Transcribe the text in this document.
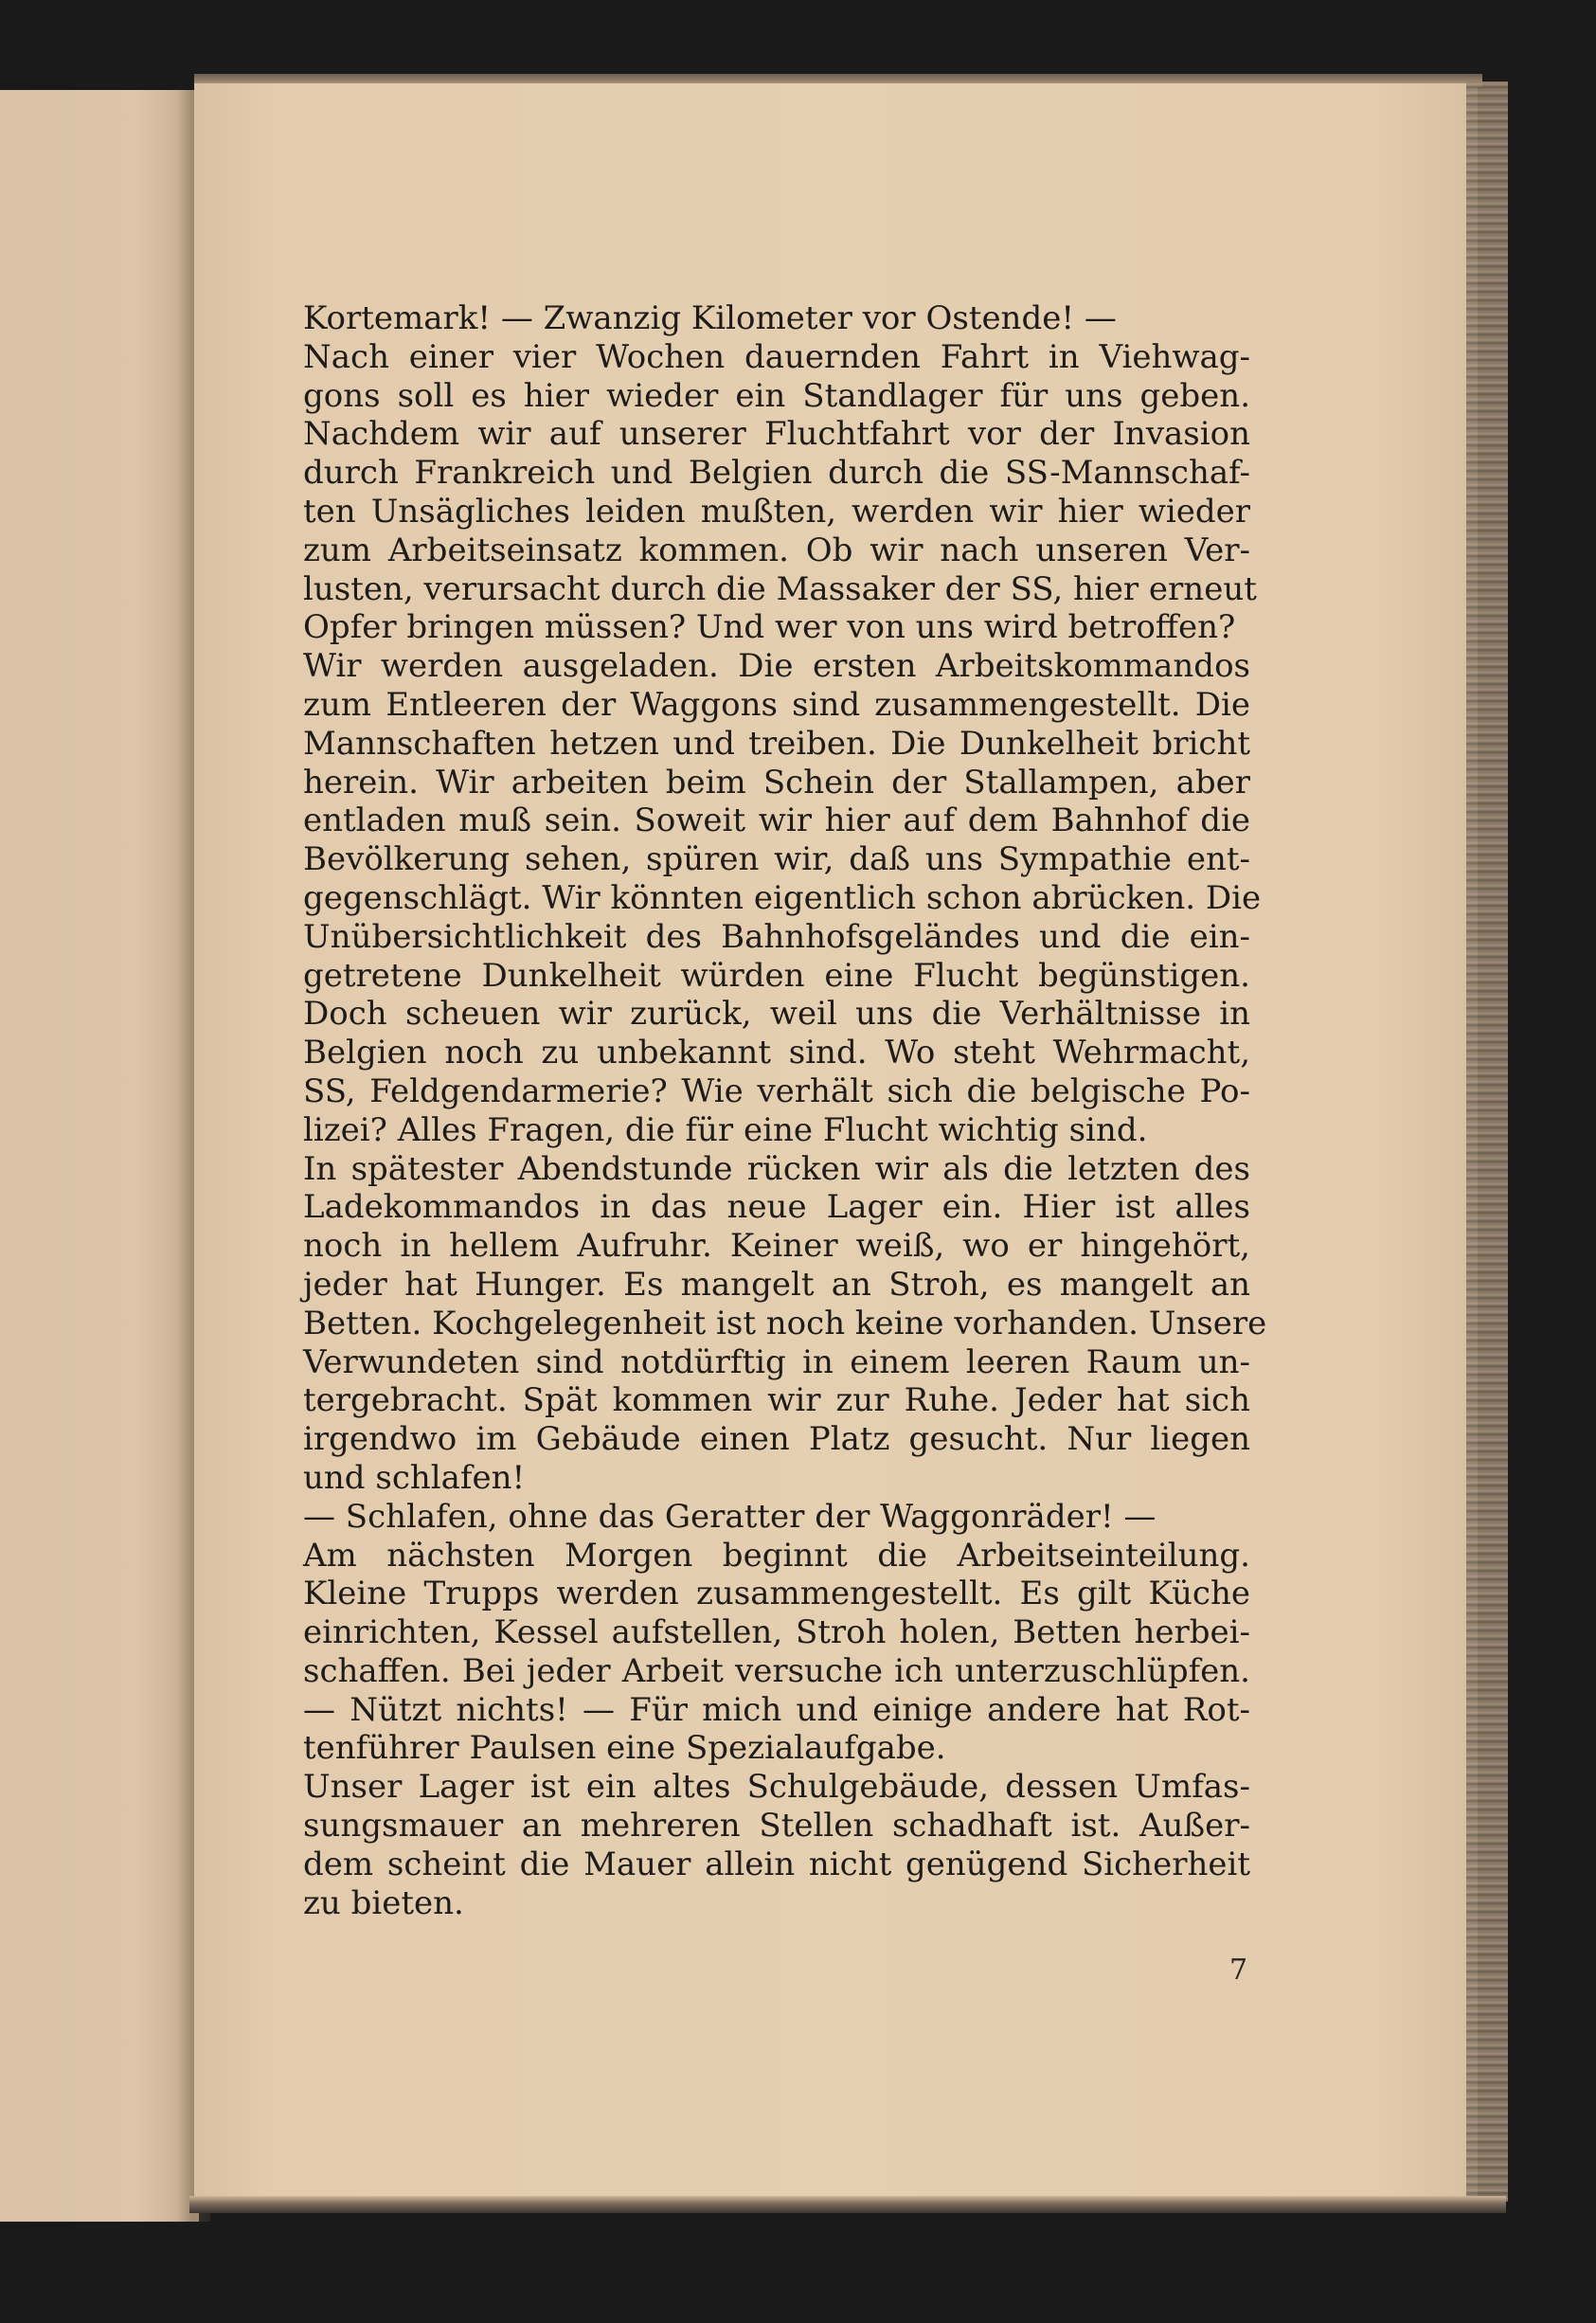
Kortemark! — Zwanzig Kilometer vor Ostende! —
Nach einer vier Wochen dauernden Fahrt in Viehwag-
gons soll es hier wieder ein Standlager für uns geben.
Nachdem wir auf unserer Fluchtfahrt vor der Invasion
durch Frankreich und Belgien durch die SS-Mannschaf-
ten Unsägliches leiden mußten, werden wir hier wieder
zum Arbeitseinsatz kommen. Ob wir nach unseren Ver-
lusten, verursacht durch die Massaker der SS, hier erneut
Opfer bringen müssen? Und wer von uns wird betroffen?
Wir werden ausgeladen. Die ersten Arbeitskommandos
zum Entleeren der Waggons sind zusammengestellt. Die
Mannschaften hetzen und treiben. Die Dunkelheit bricht
herein. Wir arbeiten beim Schein der Stallampen, aber
entladen muß sein. Soweit wir hier auf dem Bahnhof die
Bevölkerung sehen, spüren wir, daß uns Sympathie ent-
gegenschlägt. Wir könnten eigentlich schon abrücken. Die
Unübersichtlichkeit des Bahnhofsgeländes und die ein-
getretene Dunkelheit würden eine Flucht begünstigen.
Doch scheuen wir zurück, weil uns die Verhältnisse in
Belgien noch zu unbekannt sind. Wo steht Wehrmacht,
SS, Feldgendarmerie? Wie verhält sich die belgische Po-
lizei? Alles Fragen, die für eine Flucht wichtig sind.
In spätester Abendstunde rücken wir als die letzten des
Ladekommandos in das neue Lager ein. Hier ist alles
noch in hellem Aufruhr. Keiner weiß, wo er hingehört,
jeder hat Hunger. Es mangelt an Stroh, es mangelt an
Betten. Kochgelegenheit ist noch keine vorhanden. Unsere
Verwundeten sind notdürftig in einem leeren Raum un-
tergebracht. Spät kommen wir zur Ruhe. Jeder hat sich
irgendwo im Gebäude einen Platz gesucht. Nur liegen
und schlafen!
— Schlafen, ohne das Geratter der Waggonräder! —
Am nächsten Morgen beginnt die Arbeitseinteilung.
Kleine Trupps werden zusammengestellt. Es gilt Küche
einrichten, Kessel aufstellen, Stroh holen, Betten herbei-
schaffen. Bei jeder Arbeit versuche ich unterzuschlüpfen.
— Nützt nichts! — Für mich und einige andere hat Rot-
tenführer Paulsen eine Spezialaufgabe.
Unser Lager ist ein altes Schulgebäude, dessen Umfas-
sungsmauer an mehreren Stellen schadhaft ist. Außer-
dem scheint die Mauer allein nicht genügend Sicherheit
zu bieten.
7
